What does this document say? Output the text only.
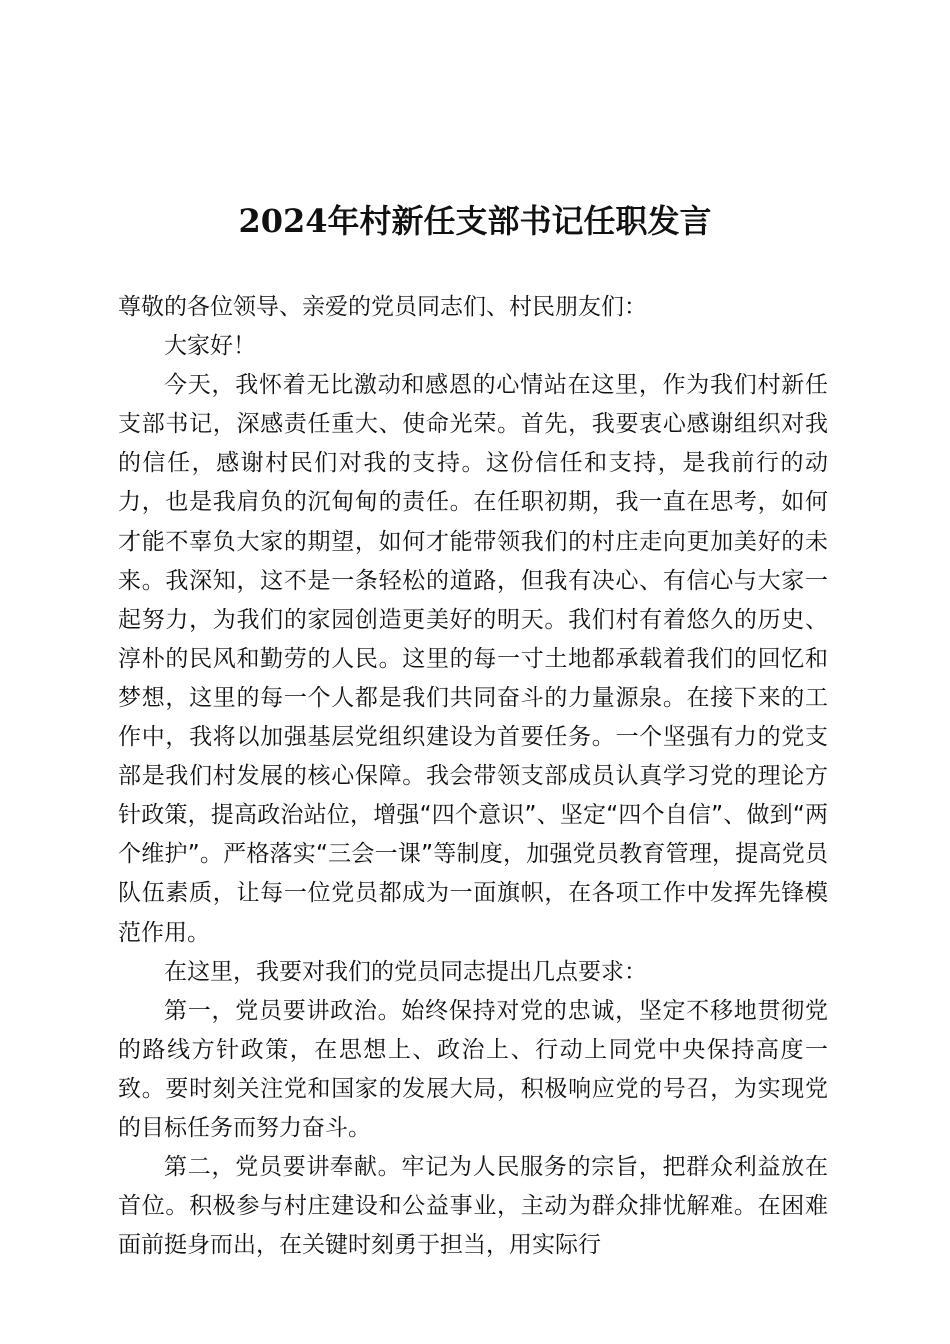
2024年村新任支部书记任职发言

尊敬的各位领导、亲爱的党员同志们、村民朋友们：

大家好！

今天，我怀着无比激动和感恩的心情站在这里，作为我们村新任支部书记，深感责任重大、使命光荣。首先，我要衷心感谢组织对我的信任，感谢村民们对我的支持。这份信任和支持，是我前行的动力，也是我肩负的沉甸甸的责任。在任职初期，我一直在思考，如何才能不辜负大家的期望，如何才能带领我们的村庄走向更加美好的未来。我深知，这不是一条轻松的道路，但我有决心、有信心与大家一起努力，为我们的家园创造更美好的明天。我们村有着悠久的历史、淳朴的民风和勤劳的人民。这里的每一寸土地都承载着我们的回忆和梦想，这里的每一个人都是我们共同奋斗的力量源泉。在接下来的工作中，我将以加强基层党组织建设为首要任务。一个坚强有力的党支部是我们村发展的核心保障。我会带领支部成员认真学习党的理论方针政策，提高政治站位，增强“四个意识”、坚定“四个自信”、做到“两个维护”。严格落实“三会一课”等制度，加强党员教育管理，提高党员队伍素质，让每一位党员都成为一面旗帜，在各项工作中发挥先锋模范作用。

在这里，我要对我们的党员同志提出几点要求：

第一，党员要讲政治。始终保持对党的忠诚，坚定不移地贯彻党的路线方针政策，在思想上、政治上、行动上同党中央保持高度一致。要时刻关注党和国家的发展大局，积极响应党的号召，为实现党的目标任务而努力奋斗。

第二，党员要讲奉献。牢记为人民服务的宗旨，把群众利益放在首位。积极参与村庄建设和公益事业，主动为群众排忧解难。在困难面前挺身而出，在关键时刻勇于担当，用实际行
